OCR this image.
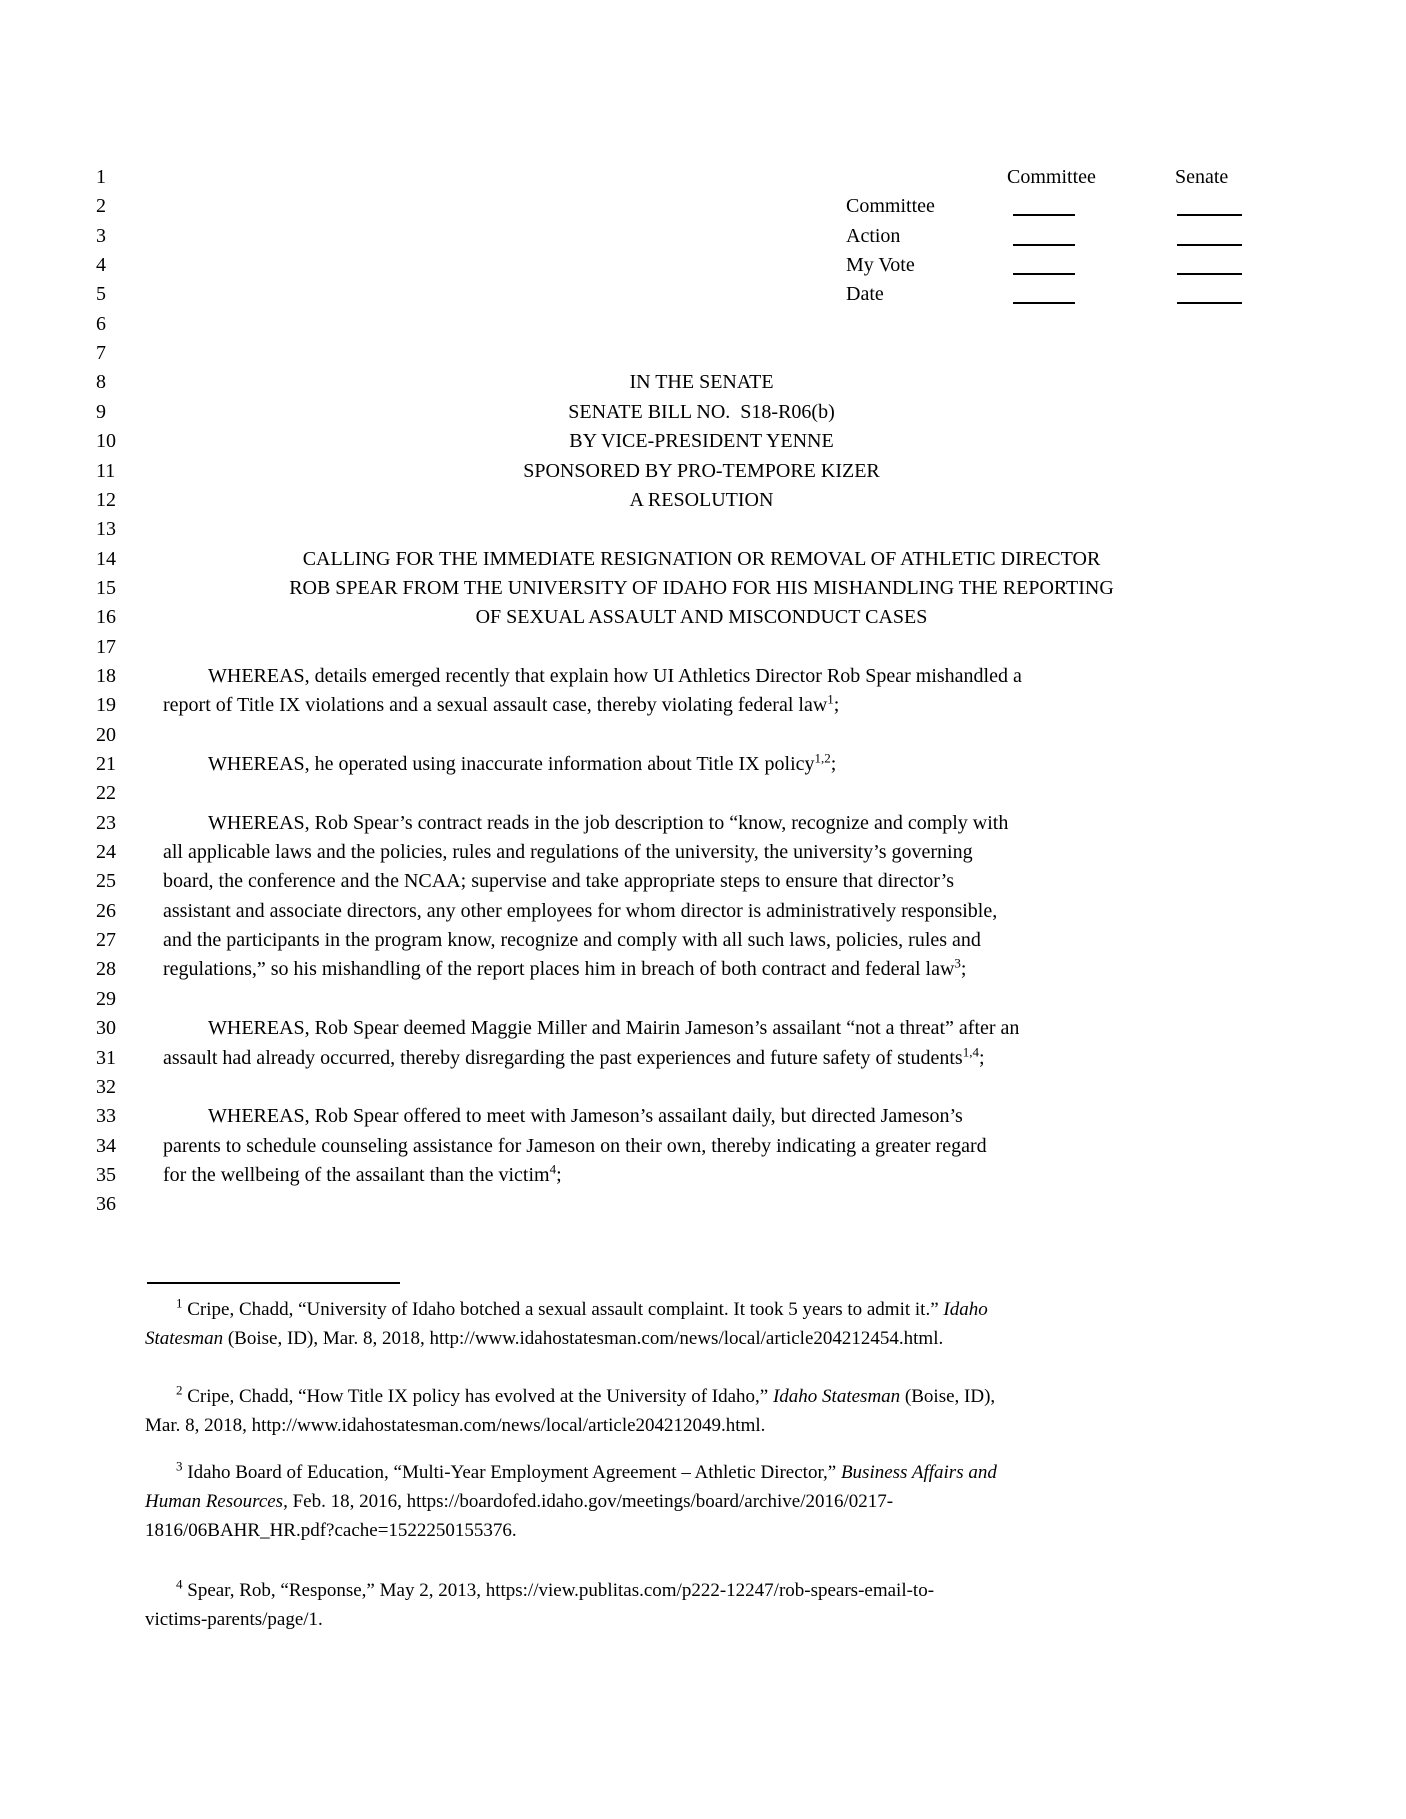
1	Committee	Senate
2	Committee
3	Action
4	My Vote
5	Date
6
7
8	IN THE SENATE
9	SENATE BILL NO.  S18-R06(b)
10	BY VICE-PRESIDENT YENNE
11	SPONSORED BY PRO-TEMPORE KIZER
12	A RESOLUTION
13
14	CALLING FOR THE IMMEDIATE RESIGNATION OR REMOVAL OF ATHLETIC DIRECTOR
15	ROB SPEAR FROM THE UNIVERSITY OF IDAHO FOR HIS MISHANDLING THE REPORTING
16	OF SEXUAL ASSAULT AND MISCONDUCT CASES
17
18	WHEREAS, details emerged recently that explain how UI Athletics Director Rob Spear mishandled a
19 report of Title IX violations and a sexual assault case, thereby violating federal law$^1$;
20
21	WHEREAS, he operated using inaccurate information about Title IX policy$^{1,2}$;
22
23	WHEREAS, Rob Spear’s contract reads in the job description to “know, recognize and comply with
24 all applicable laws and the policies, rules and regulations of the university, the university’s governing
25 board, the conference and the NCAA; supervise and take appropriate steps to ensure that director’s
26 assistant and associate directors, any other employees for whom director is administratively responsible,
27 and the participants in the program know, recognize and comply with all such laws, policies, rules and
28 regulations,” so his mishandling of the report places him in breach of both contract and federal law$^3$;
29
30	WHEREAS, Rob Spear deemed Maggie Miller and Mairin Jameson’s assailant “not a threat” after an
31 assault had already occurred, thereby disregarding the past experiences and future safety of students$^{1,4}$;
32
33	WHEREAS, Rob Spear offered to meet with Jameson’s assailant daily, but directed Jameson’s
34 parents to schedule counseling assistance for Jameson on their own, thereby indicating a greater regard
35 for the wellbeing of the assailant than the victim$^4$;
36
$^1$ Cripe, Chadd, “University of Idaho botched a sexual assault complaint. It took 5 years to admit it.” Idaho
Statesman (Boise, ID), Mar. 8, 2018, http://www.idahostatesman.com/news/local/article204212454.html.
$^2$ Cripe, Chadd, “How Title IX policy has evolved at the University of Idaho,” Idaho Statesman (Boise, ID),
Mar. 8, 2018, http://www.idahostatesman.com/news/local/article204212049.html.
$^3$ Idaho Board of Education, “Multi-Year Employment Agreement – Athletic Director,” Business Affairs and
Human Resources, Feb. 18, 2016, https://boardofed.idaho.gov/meetings/board/archive/2016/0217-
1816/06BAHR_HR.pdf?cache=1522250155376.
$^4$ Spear, Rob, “Response,” May 2, 2013, https://view.publitas.com/p222-12247/rob-spears-email-to-
victims-parents/page/1.
